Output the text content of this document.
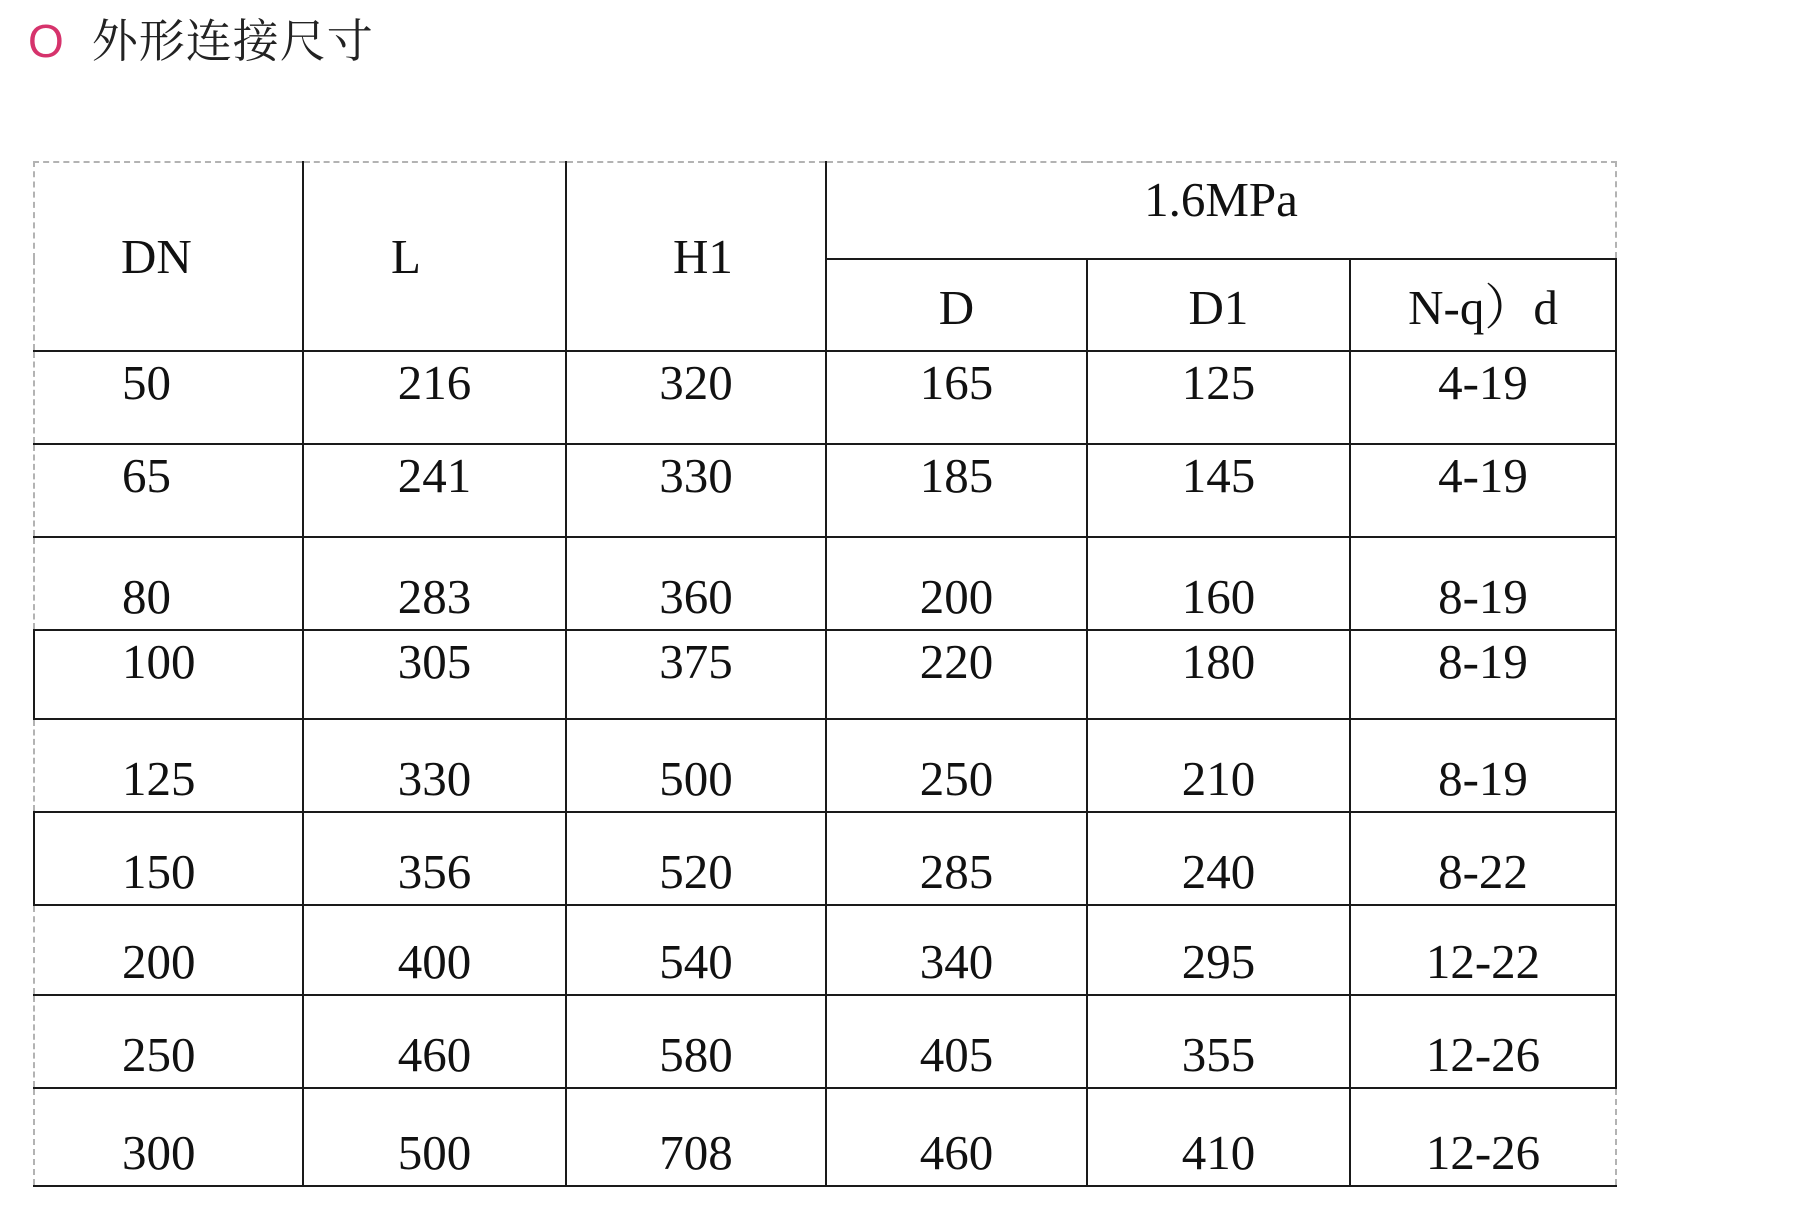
O 外形连接尺寸
DN	L	H1	1.6MPa		
			D	D1	N-q）d
50	216	320	165	125	4-19
65	241	330	185	145	4-19
80	283	360	200	160	8-19
100	305	375	220	180	8-19
125	330	500	250	210	8-19
150	356	520	285	240	8-22
200	400	540	340	295	12-22
250	460	580	405	355	12-26
300	500	708	460	410	12-26
